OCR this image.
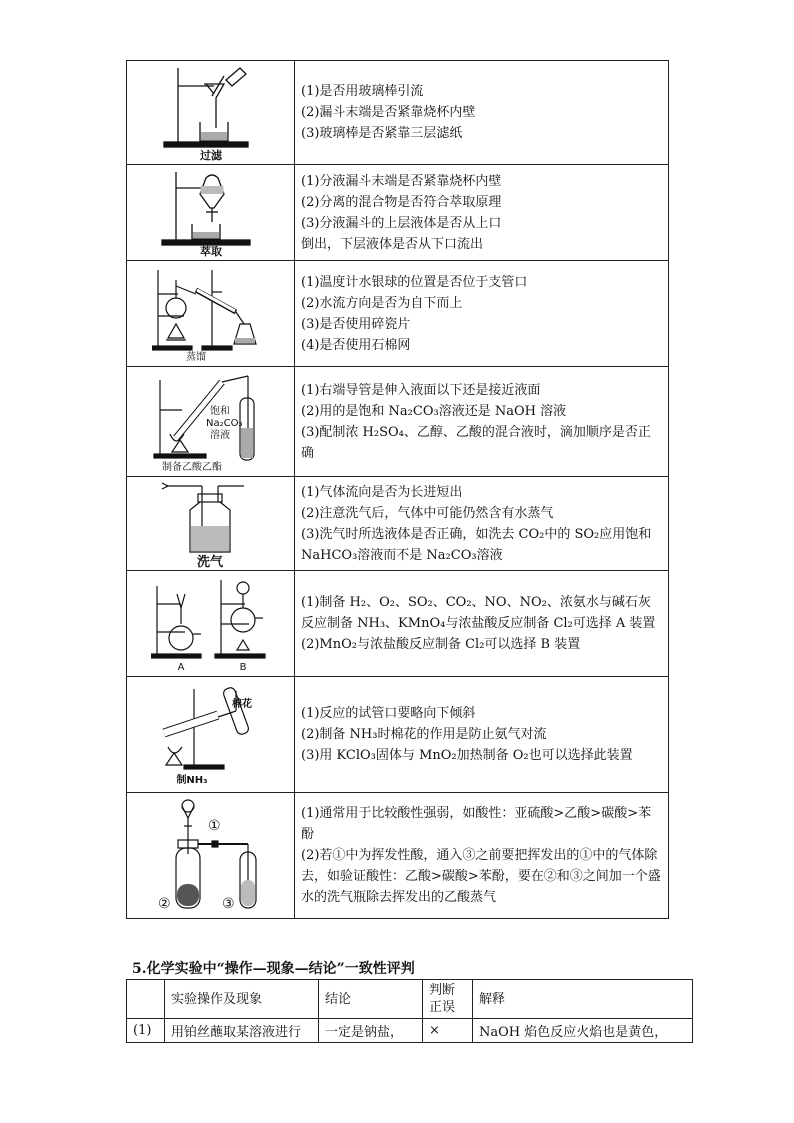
过滤	(1)是否用玻璃棒引流
(2)漏斗末端是否紧靠烧杯内壁
(3)玻璃棒是否紧靠三层滤纸

萃取	(1)分液漏斗末端是否紧靠烧杯内壁
(2)分离的混合物是否符合萃取原理
(3)分液漏斗的上层液体是否从上口
倒出，下层液体是否从下口流出

蒸馏	(1)温度计水银球的位置是否位于支管口
(2)水流方向是否为自下而上
(3)是否使用碎瓷片
(4)是否使用石棉网

饱和
Na₂CO₃
溶液
制备乙酸乙酯	(1)右端导管是伸入液面以下还是接近液面
(2)用的是饱和 Na₂CO₃溶液还是 NaOH 溶液
(3)配制浓 H₂SO₄、乙醇、乙酸的混合液时，滴加顺序是否正确

洗气	(1)气体流向是否为长进短出
(2)注意洗气后，气体中可能仍然含有水蒸气
(3)洗气时所选液体是否正确，如洗去 CO₂中的 SO₂应用饱和 NaHCO₃溶液而不是 Na₂CO₃溶液

A B	(1)制备 H₂、O₂、SO₂、CO₂、NO、NO₂、浓氨水与碱石灰反应制备 NH₃、KMnO₄与浓盐酸反应制备 Cl₂可选择 A 装置
(2)MnO₂与浓盐酸反应制备 Cl₂可以选择 B 装置

棉花
制NH₃	(1)反应的试管口要略向下倾斜
(2)制备 NH₃时棉花的作用是防止氨气对流
(3)用 KClO₃固体与 MnO₂加热制备 O₂也可以选择此装置

①
② ③	(1)通常用于比较酸性强弱，如酸性：亚硫酸>乙酸>碳酸>苯酚
(2)若①中为挥发性酸，通入③之前要把挥发出的①中的气体除去，如验证酸性：乙酸>碳酸>苯酚，要在②和③之间加一个盛水的洗气瓶除去挥发出的乙酸蒸气
5.化学实验中“操作—现象—结论”一致性评判
	实验操作及现象	结论	判断正误	解释
(1)	用铂丝蘸取某溶液进行	一定是钠盐，	×	NaOH 焰色反应火焰也是黄色，
